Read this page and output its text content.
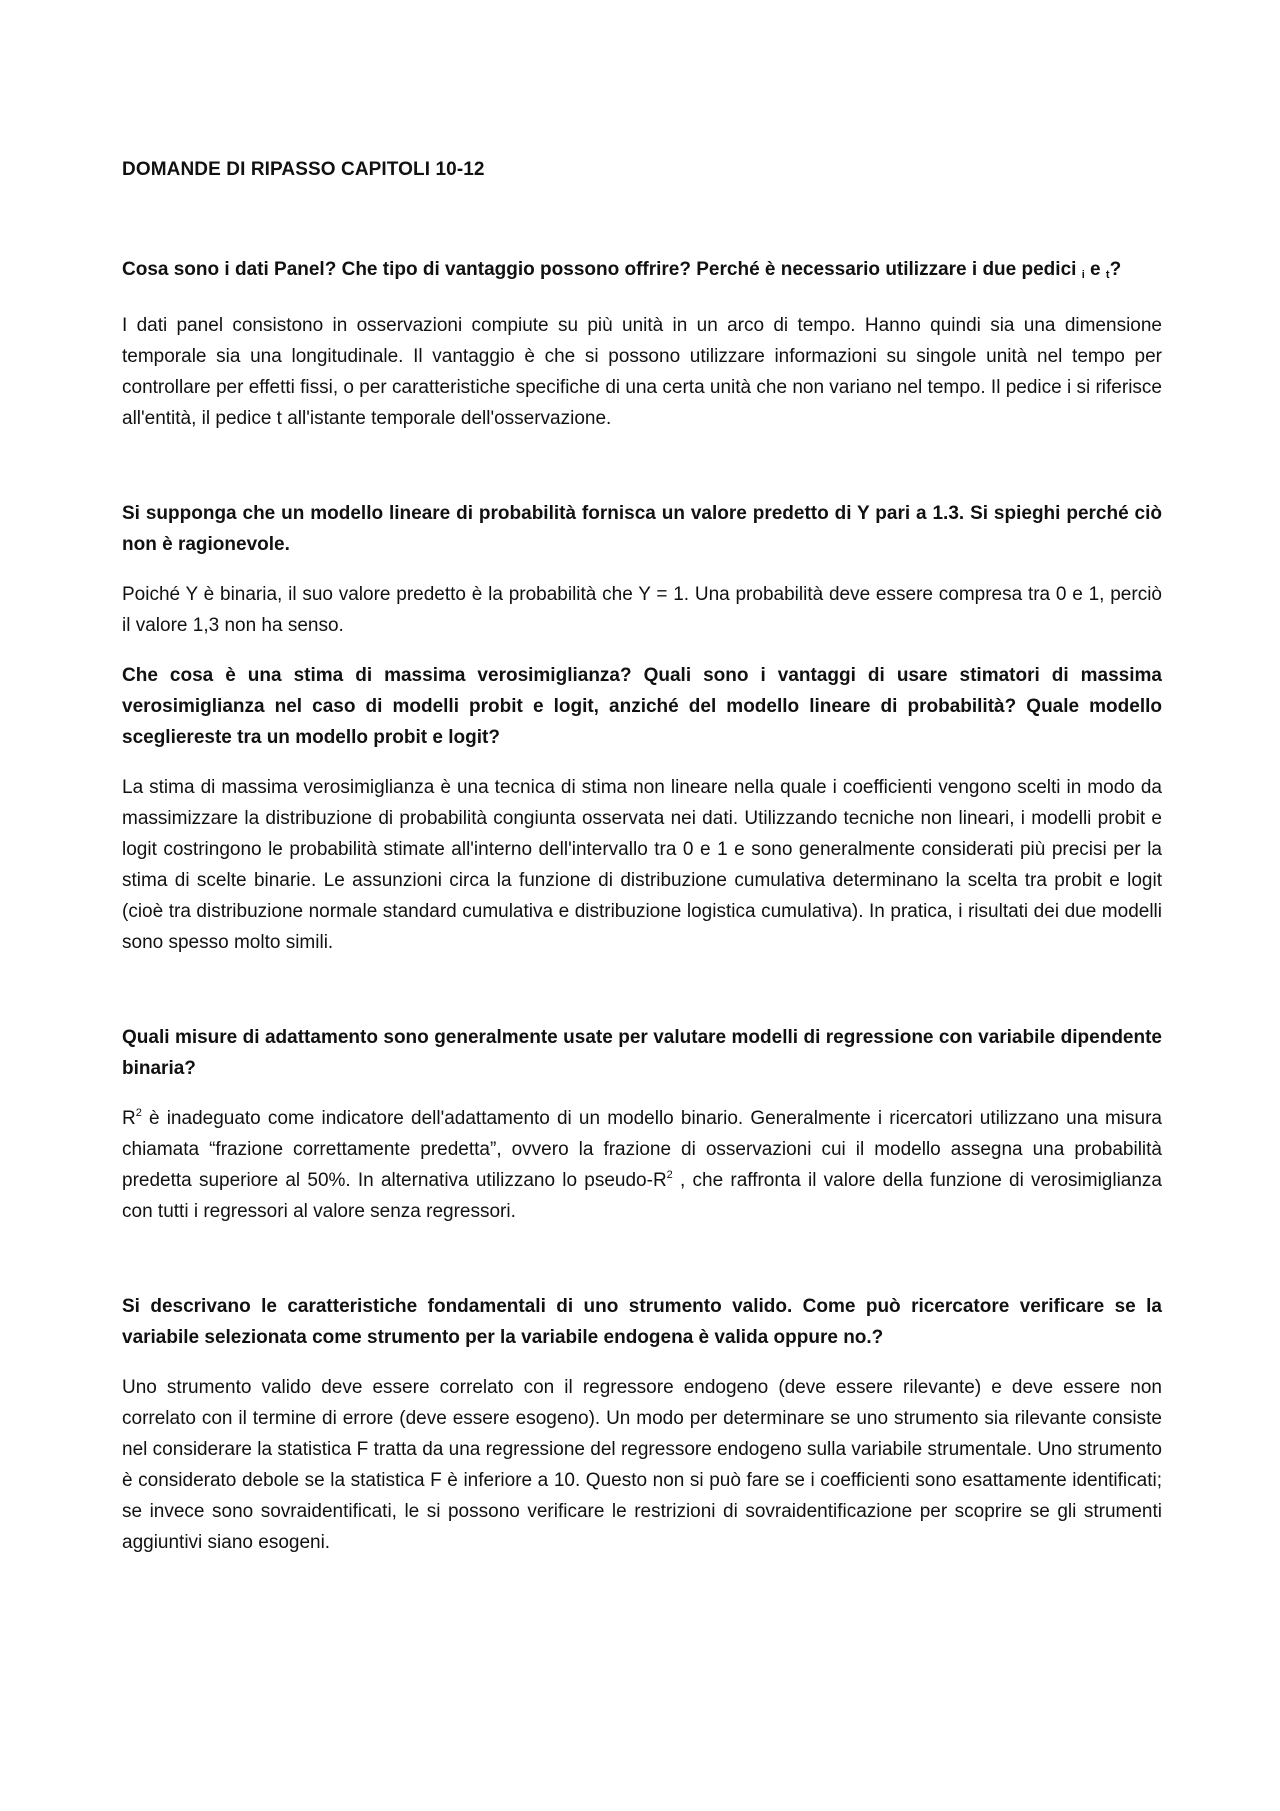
DOMANDE DI RIPASSO CAPITOLI 10-12

Cosa sono i dati Panel? Che tipo di vantaggio possono offrire? Perché è necessario utilizzare i due pedici i e t?

I dati panel consistono in osservazioni compiute su più unità in un arco di tempo. Hanno quindi sia una dimensione temporale sia una longitudinale. Il vantaggio è che si possono utilizzare informazioni su singole unità nel tempo per controllare per effetti fissi, o per caratteristiche specifiche di una certa unità che non variano nel tempo. Il pedice i si riferisce all'entità, il pedice t all'istante temporale dell'osservazione.

Si supponga che un modello lineare di probabilità fornisca un valore predetto di Y pari a 1.3. Si spieghi perché ciò non è ragionevole.

Poiché Y è binaria, il suo valore predetto è la probabilità che Y = 1. Una probabilità deve essere compresa tra 0 e 1, perciò il valore 1,3 non ha senso.

Che cosa è una stima di massima verosimiglianza? Quali sono i vantaggi di usare stimatori di massima verosimiglianza nel caso di modelli probit e logit, anziché del modello lineare di probabilità? Quale modello scegliereste tra un modello probit e logit?

La stima di massima verosimiglianza è una tecnica di stima non lineare nella quale i coefficienti vengono scelti in modo da massimizzare la distribuzione di probabilità congiunta osservata nei dati. Utilizzando tecniche non lineari, i modelli probit e logit costringono le probabilità stimate all'interno dell'intervallo tra 0 e 1 e sono generalmente considerati più precisi per la stima di scelte binarie. Le assunzioni circa la funzione di distribuzione cumulativa determinano la scelta tra probit e logit (cioè tra distribuzione normale standard cumulativa e distribuzione logistica cumulativa). In pratica, i risultati dei due modelli sono spesso molto simili.

Quali misure di adattamento sono generalmente usate per valutare modelli di regressione con variabile dipendente binaria?

$R^2$ è inadeguato come indicatore dell'adattamento di un modello binario. Generalmente i ricercatori utilizzano una misura chiamata “frazione correttamente predetta”, ovvero la frazione di osservazioni cui il modello assegna una probabilità predetta superiore al 50%. In alternativa utilizzano lo pseudo-$R^2$ , che raffronta il valore della funzione di verosimiglianza con tutti i regressori al valore senza regressori.

Si descrivano le caratteristiche fondamentali di uno strumento valido. Come può ricercatore verificare se la variabile selezionata come strumento per la variabile endogena è valida oppure no.?

Uno strumento valido deve essere correlato con il regressore endogeno (deve essere rilevante) e deve essere non correlato con il termine di errore (deve essere esogeno). Un modo per determinare se uno strumento sia rilevante consiste nel considerare la statistica F tratta da una regressione del regressore endogeno sulla variabile strumentale. Uno strumento è considerato debole se la statistica F è inferiore a 10. Questo non si può fare se i coefficienti sono esattamente identificati; se invece sono sovraidentificati, le si possono verificare le restrizioni di sovraidentificazione per scoprire se gli strumenti aggiuntivi siano esogeni.
